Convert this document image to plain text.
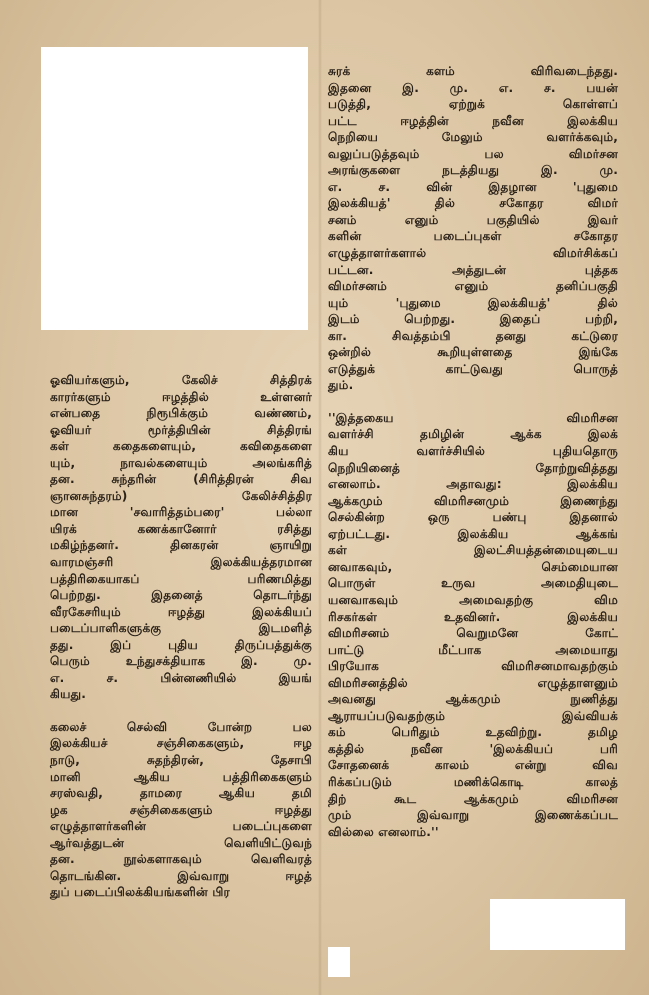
ஓவியர்களும், கேலிச் சித்திரக்
காரர்களும் ஈழத்தில் உள்ளனர்
என்பதை நிரூபிக்கும் வண்ணம்,
ஓவியர் மூர்த்தியின் சித்திரங்
கள் கதைகளையும், கவிதைகளை
யும், நாவல்களையும் அலங்கரித்
தன. சுந்தரின் (சிரித்திரன் சிவ
ஞானசுந்தரம்) கேலிச்சித்திர
மான 'சவாரித்தம்பரை' பல்லா
யிரக் கணக்கானோர் ரசித்து
மகிழ்ந்தனர். தினகரன் ஞாயிறு
வாரமஞ்சரி இலக்கியத்தரமான
பத்திரிகையாகப் பரிணமித்து
பெற்றது. இதனைத் தொடர்ந்து
வீரகேசரியும் ஈழத்து இலக்கியப்
படைப்பாளிகளுக்கு இடமளித்
தது. இப் புதிய திருப்பத்துக்கு
பெரும் உந்துசக்தியாக இ. மு.
எ. ச. பின்னணியில் இயங்
கியது.
கலைச் செல்வி போன்ற பல
இலக்கியச் சஞ்சிகைகளும், ஈழ
நாடு, சுதந்திரன், தேசாபி
மானி ஆகிய பத்திரிகைகளும்
சரஸ்வதி, தாமரை ஆகிய தமி
ழக சஞ்சிகைகளும் ஈழத்து
எழுத்தாளர்களின் படைப்புகளை
ஆர்வத்துடன் வெளியிட்டுவந்
தன. நூல்களாகவும் வெளிவரத்
தொடங்கின. இவ்வாறு ஈழத்
துப் படைப்பிலக்கியங்களின் பிர
சுரக் களம் விரிவடைந்தது.
இதனை இ. மு. எ. ச. பயன்
படுத்தி, ஏற்றுக் கொள்ளப்
பட்ட ஈழத்தின் நவீன இலக்கிய
நெறியை மேலும் வளர்க்கவும்,
வலுப்படுத்தவும் பல விமர்சன
அரங்குகளை நடத்தியது இ. மு.
எ. ச. வின் இதழான 'புதுமை
இலக்கியத்' தில் சகோதர விமர்
சனம் எனும் பகுதியில் இவர்
களின் படைப்புகள் சகோதர
எழுத்தாளர்களால் விமர்சிக்கப்
பட்டன. அத்துடன் புத்தக
விமர்சனம் எனும் தனிப்பகுதி
யும் 'புதுமை இலக்கியத்' தில்
இடம் பெற்றது. இதைப் பற்றி,
கா. சிவத்தம்பி தனது கட்டுரை
ஒன்றில் கூறியுள்ளதை இங்கே
எடுத்துக் காட்டுவது பொருத்
தும்.
''இத்தகைய விமரிசன
வளர்ச்சி தமிழின் ஆக்க இலக்
கிய வளர்ச்சியில் புதியதொரு
நெறியினைத் தோற்றுவித்தது
எனலாம். அதாவது: இலக்கிய
ஆக்கமும் விமரிசனமும் இணைந்து
செல்கின்ற ஒரு பண்பு இதனால்
ஏற்பட்டது. இலக்கிய ஆக்கங்
கள் இலட்சியத்தன்மையுடைய
னவாகவும், செம்மையான
பொருள் உருவ அமைதியுடை
யனவாகவும் அமைவதற்கு விம
ரிசகர்கள் உதவினர். இலக்கிய
விமரிசனம் வெறுமனே கோட்
பாட்டு மீட்பாக அமையாது
பிரயோக விமரிசனமாவதற்கும்
விமரிசனத்தில் எழுத்தாளனும்
அவனது ஆக்கமும் நுணித்து
ஆராயப்படுவதற்கும் இவ்வியக்
கம் பெரிதும் உதவிற்று. தமிழ
கத்தில் நவீன 'இலக்கியப் பரி
சோதனைக் காலம் என்று விவ
ரிக்கப்படும் மணிக்கொடி காலத்
திற் கூட ஆக்கமும் விமரிசன
மும் இவ்வாறு இணைக்கப்பட
வில்லை எனலாம்.''
